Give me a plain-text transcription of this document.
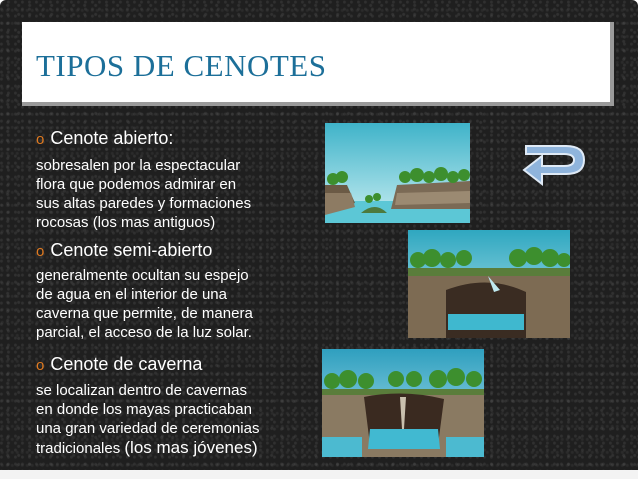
TIPOS DE CENOTES
o Cenote abierto:
sobresalen por la espectacular
flora que podemos admirar en
sus altas paredes y formaciones
rocosas (los mas antiguos)
o Cenote semi-abierto
generalmente ocultan su espejo
de agua en el interior de una
caverna que permite, de manera
parcial, el acceso de la luz solar.
o Cenote de caverna
se localizan dentro de cavernas
en donde los mayas practicaban
una gran variedad de ceremonias
tradicionales (los mas jóvenes)
